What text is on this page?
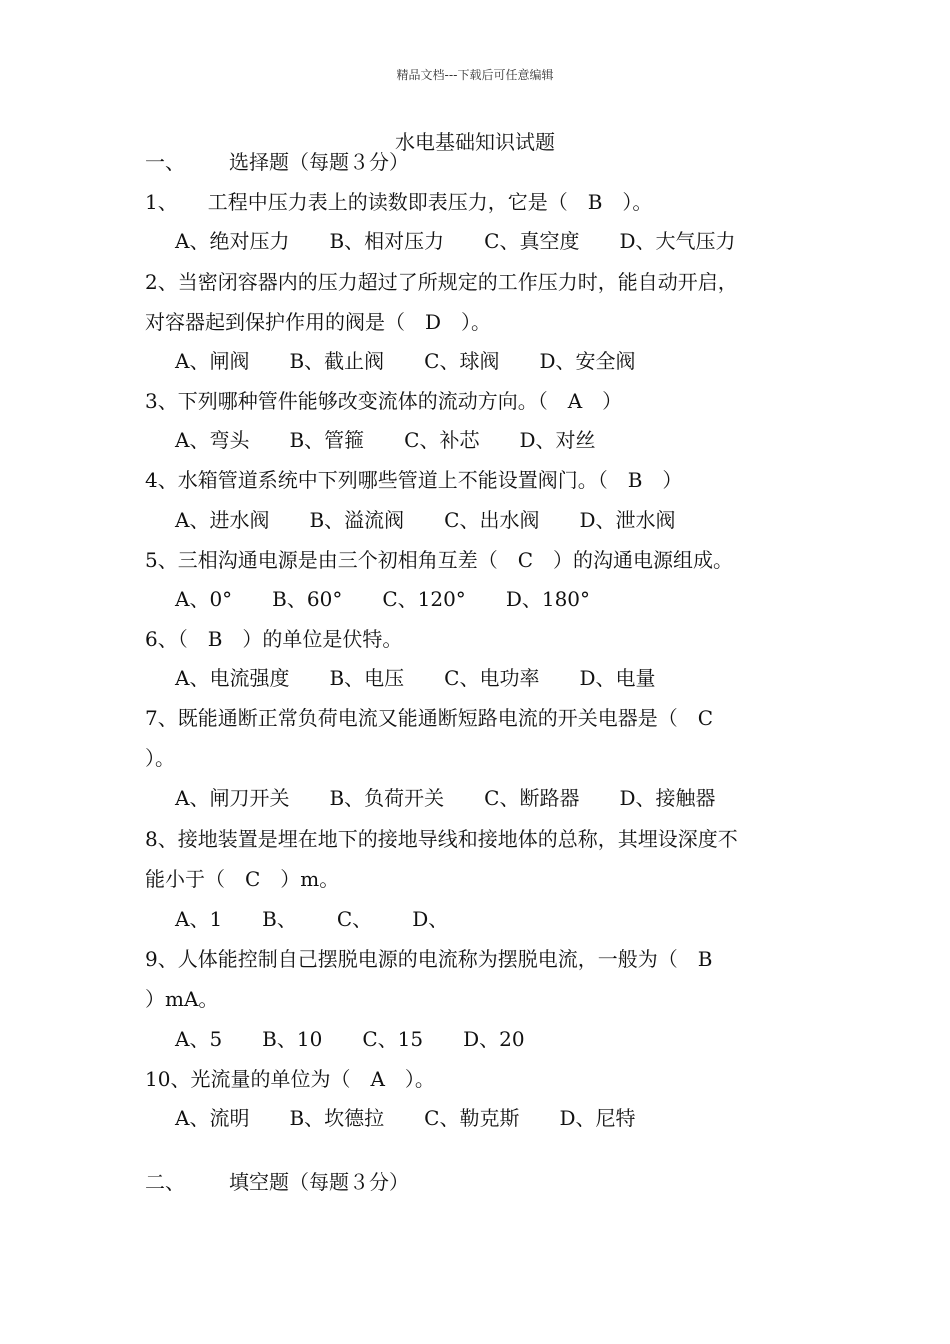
精品文档---下载后可任意编辑
水电基础知识试题
一、 选择题（每题３分）
1、　　工程中压力表上的读数即表压力，它是（　B　）。
A、绝对压力 B、相对压力 C、真空度 D、大气压力
2、当密闭容器内的压力超过了所规定的工作压力时，能自动开启，
对容器起到保护作用的阀是（　D　）。
A、闸阀 B、截止阀 C、球阀 D、安全阀
3、下列哪种管件能够改变流体的流动方向。（　A　）
A、弯头 B、管箍 C、补芯 D、对丝
4、水箱管道系统中下列哪些管道上不能设置阀门。（　B　）
A、进水阀 B、溢流阀 C、出水阀 D、泄水阀
5、三相沟通电源是由三个初相角互差（　C　）的沟通电源组成。
A、0° B、60° C、120° D、180°
6、（　B　）的单位是伏特。
A、电流强度 B、电压 C、电功率 D、电量
7、既能通断正常负荷电流又能通断短路电流的开关电器是（　C
）。
A、闸刀开关 B、负荷开关 C、断路器 D、接触器
8、接地装置是埋在地下的接地导线和接地体的总称，其埋设深度不
能小于（　C　）m。
A、1 B、 C、 D、
9、人体能控制自己摆脱电源的电流称为摆脱电流，一般为（　B
）mA。
A、5 B、10 C、15 D、20
10、光流量的单位为（　A　）。
A、流明 B、坎德拉 C、勒克斯 D、尼特
二、 填空题（每题３分）
